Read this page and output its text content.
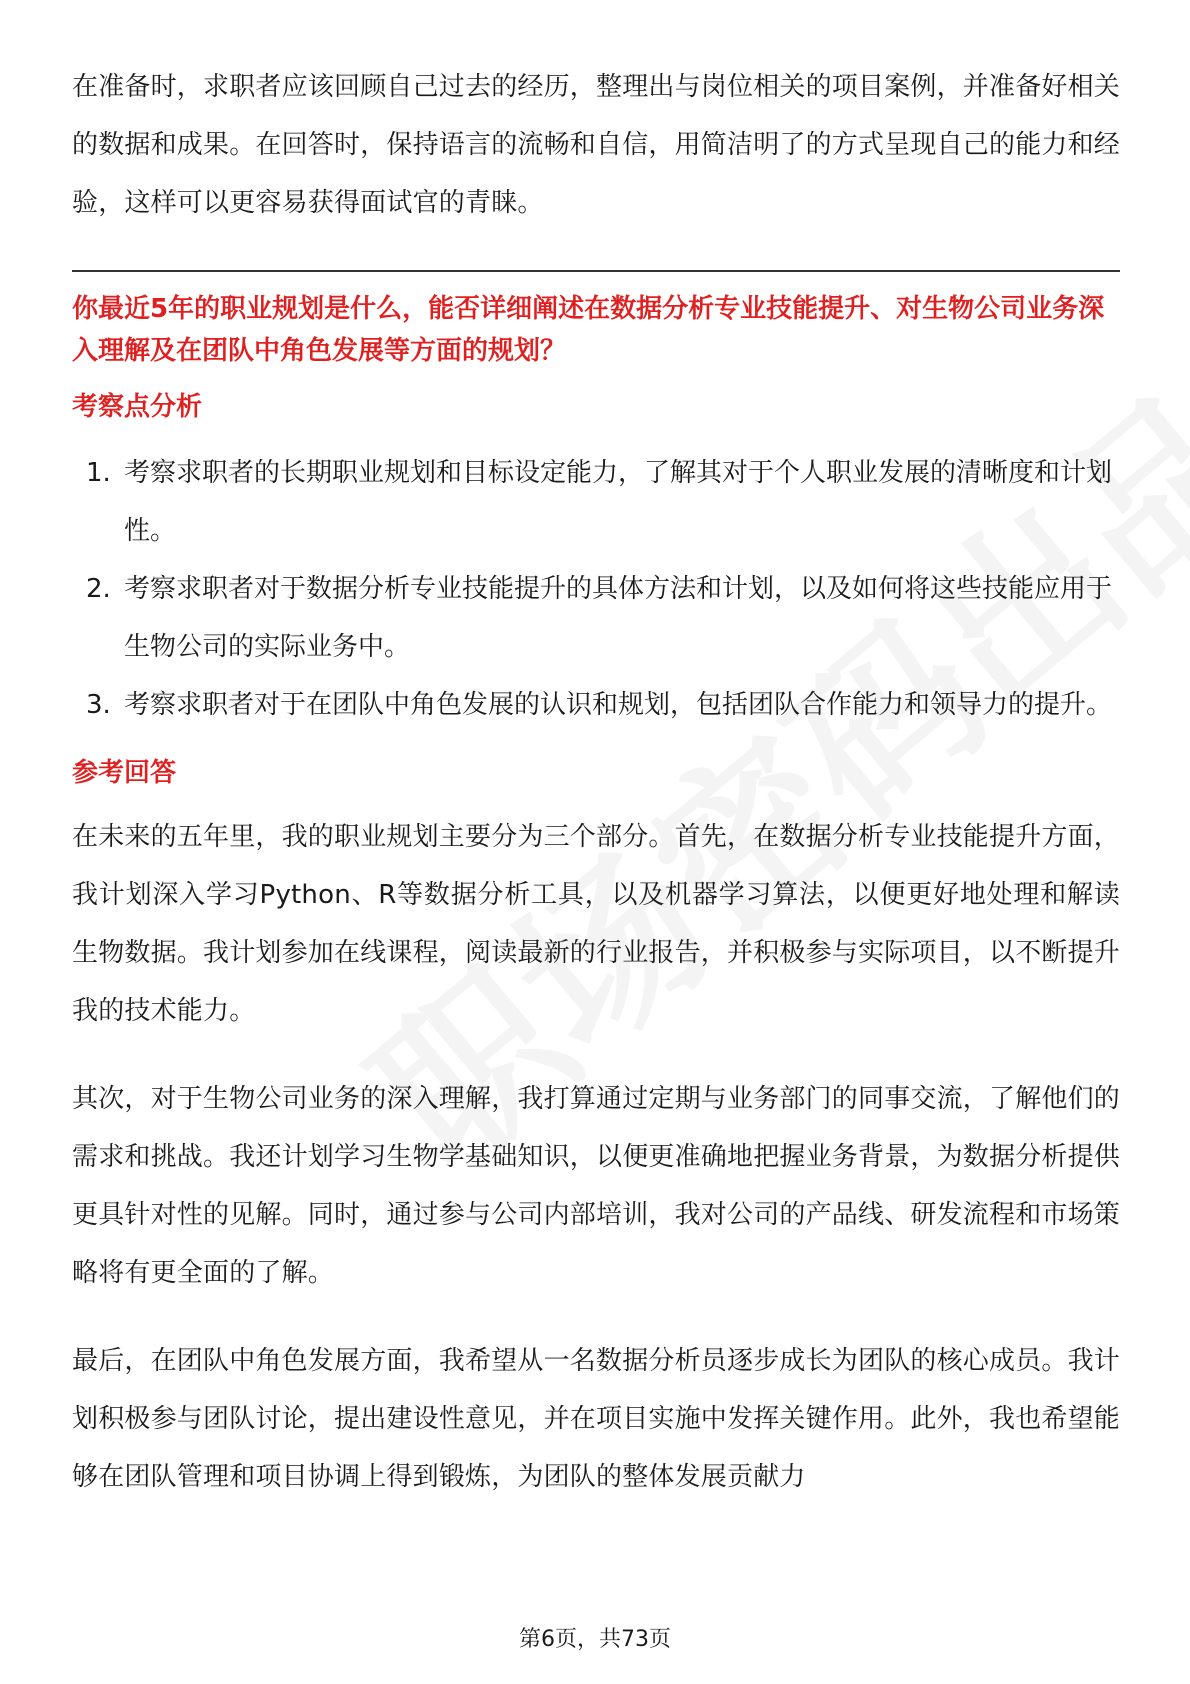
在准备时，求职者应该回顾自己过去的经历，整理出与岗位相关的项目案例，并准备好相关的数据和成果。在回答时，保持语言的流畅和自信，用简洁明了的方式呈现自己的能力和经验，这样可以更容易获得面试官的青睐。

你最近5年的职业规划是什么，能否详细阐述在数据分析专业技能提升、对生物公司业务深入理解及在团队中角色发展等方面的规划？

考察点分析
1. 考察求职者的长期职业规划和目标设定能力，了解其对于个人职业发展的清晰度和计划性。
2. 考察求职者对于数据分析专业技能提升的具体方法和计划，以及如何将这些技能应用于生物公司的实际业务中。
3. 考察求职者对于在团队中角色发展的认识和规划，包括团队合作能力和领导力的提升。
参考回答

在未来的五年里，我的职业规划主要分为三个部分。首先，在数据分析专业技能提升方面，我计划深入学习Python、R等数据分析工具，以及机器学习算法，以便更好地处理和解读生物数据。我计划参加在线课程，阅读最新的行业报告，并积极参与实际项目，以不断提升我的技术能力。

其次，对于生物公司业务的深入理解，我打算通过定期与业务部门的同事交流，了解他们的需求和挑战。我还计划学习生物学基础知识，以便更准确地把握业务背景，为数据分析提供更具针对性的见解。同时，通过参与公司内部培训，我对公司的产品线、研发流程和市场策略将有更全面的了解。

最后，在团队中角色发展方面，我希望从一名数据分析员逐步成长为团队的核心成员。我计划积极参与团队讨论，提出建设性意见，并在项目实施中发挥关键作用。此外，我也希望能够在团队管理和项目协调上得到锻炼，为团队的整体发展贡献力

第6页，共73页
